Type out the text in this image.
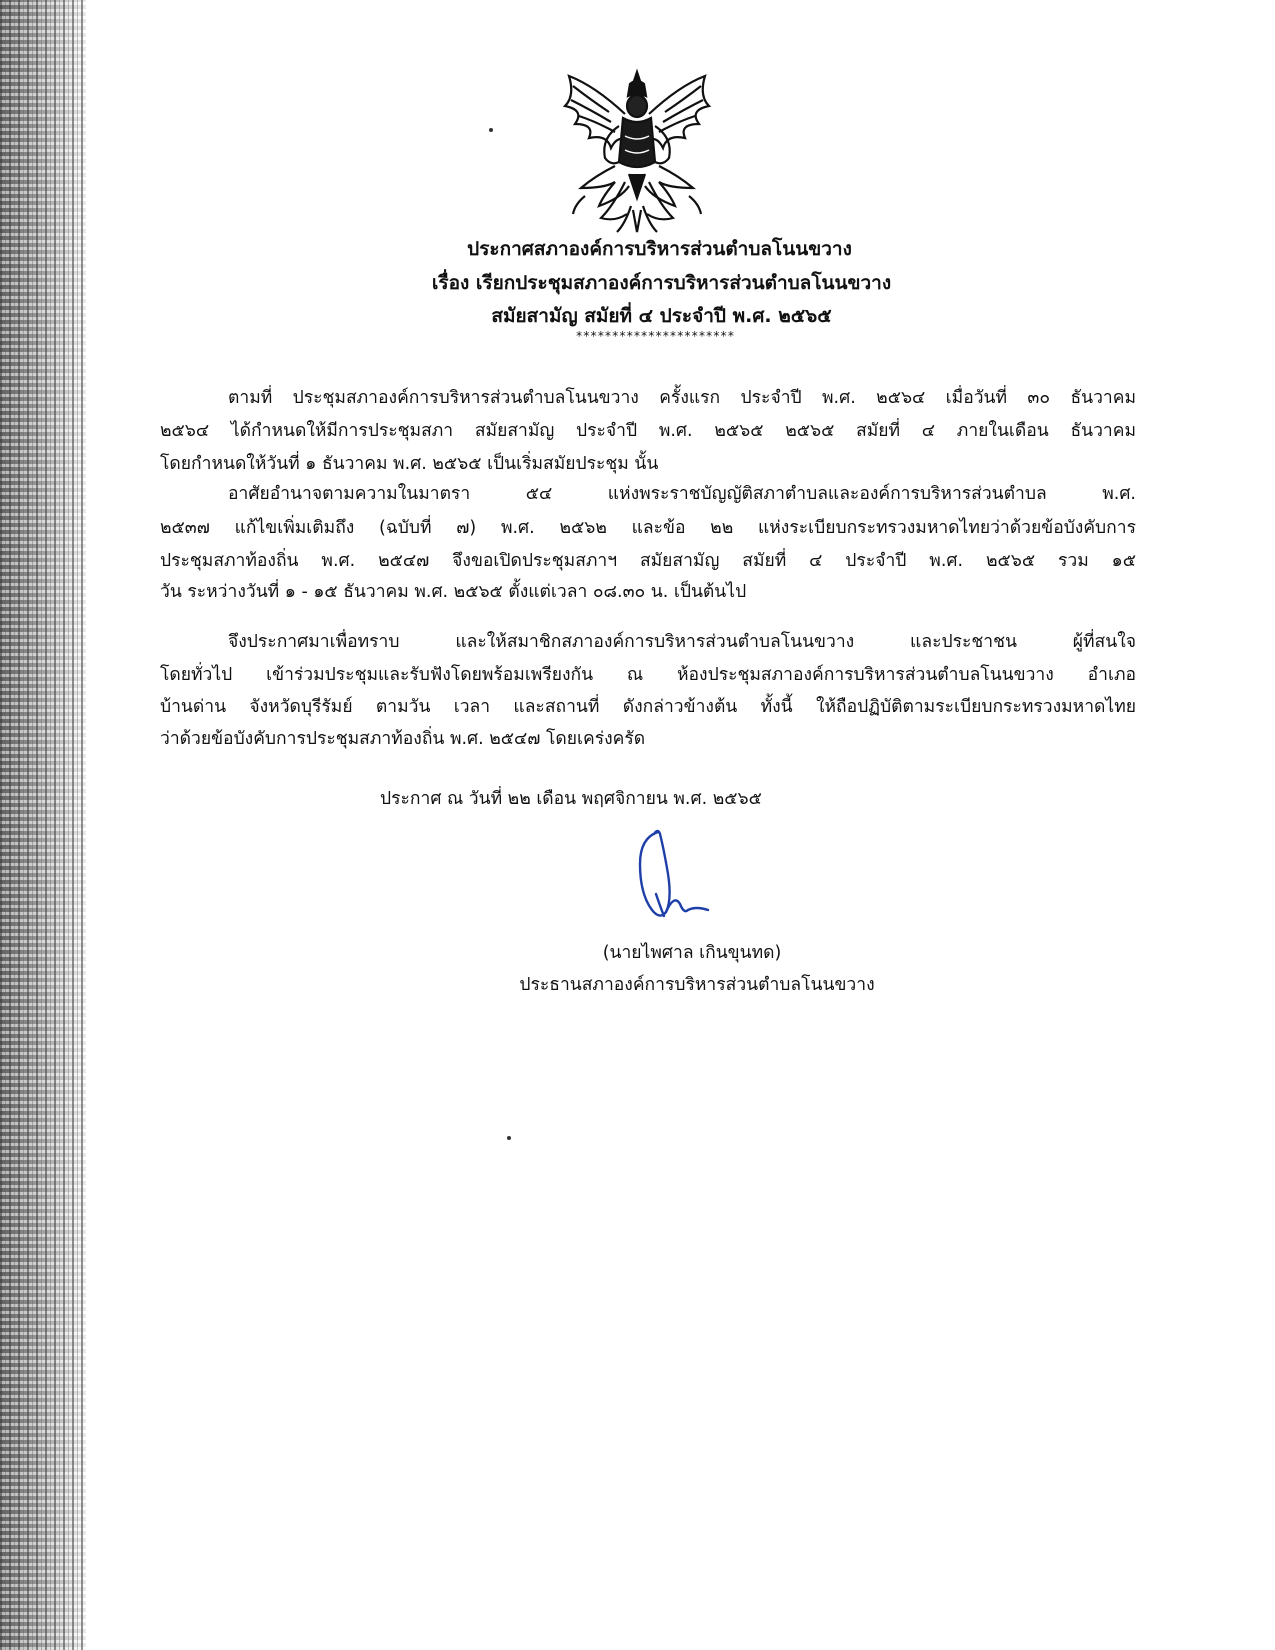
ประกาศสภาองค์การบริหารส่วนตำบลโนนขวาง
เรื่อง เรียกประชุมสภาองค์การบริหารส่วนตำบลโนนขวาง
สมัยสามัญ สมัยที่ ๔ ประจำปี พ.ศ. ๒๕๖๕
**********************
ตามที่ ประชุมสภาองค์การบริหารส่วนตำบลโนนขวาง ครั้งแรก ประจำปี พ.ศ. ๒๕๖๔ เมื่อวันที่ ๓๐ ธันวาคม
๒๕๖๔ ได้กำหนดให้มีการประชุมสภา สมัยสามัญ ประจำปี พ.ศ. ๒๕๖๕ ๒๕๖๕ สมัยที่ ๔ ภายในเดือน ธันวาคม
โดยกำหนดให้วันที่ ๑ ธันวาคม พ.ศ. ๒๕๖๕ เป็นเริ่มสมัยประชุม นั้น
อาศัยอำนาจตามความในมาตรา ๕๔ แห่งพระราชบัญญัติสภาตำบลและองค์การบริหารส่วนตำบล พ.ศ.
๒๕๓๗ แก้ไขเพิ่มเติมถึง (ฉบับที่ ๗) พ.ศ. ๒๕๖๒ และข้อ ๒๒ แห่งระเบียบกระทรวงมหาดไทยว่าด้วยข้อบังคับการ
ประชุมสภาท้องถิ่น พ.ศ. ๒๕๔๗ จึงขอเปิดประชุมสภาฯ สมัยสามัญ สมัยที่ ๔ ประจำปี พ.ศ. ๒๕๖๕ รวม ๑๕
วัน ระหว่างวันที่ ๑ - ๑๕ ธันวาคม พ.ศ. ๒๕๖๕ ตั้งแต่เวลา ๐๘.๓๐ น. เป็นต้นไป
จึงประกาศมาเพื่อทราบ และให้สมาชิกสภาองค์การบริหารส่วนตำบลโนนขวาง และประชาชน ผู้ที่สนใจ
โดยทั่วไป เข้าร่วมประชุมและรับฟังโดยพร้อมเพรียงกัน ณ ห้องประชุมสภาองค์การบริหารส่วนตำบลโนนขวาง อำเภอ
บ้านด่าน จังหวัดบุรีรัมย์ ตามวัน เวลา และสถานที่ ดังกล่าวข้างต้น ทั้งนี้ ให้ถือปฏิบัติตามระเบียบกระทรวงมหาดไทย
ว่าด้วยข้อบังคับการประชุมสภาท้องถิ่น พ.ศ. ๒๕๔๗ โดยเคร่งครัด
ประกาศ ณ วันที่ ๒๒ เดือน พฤศจิกายน พ.ศ. ๒๕๖๕
(นายไพศาล เกินขุนทด)
ประธานสภาองค์การบริหารส่วนตำบลโนนขวาง
